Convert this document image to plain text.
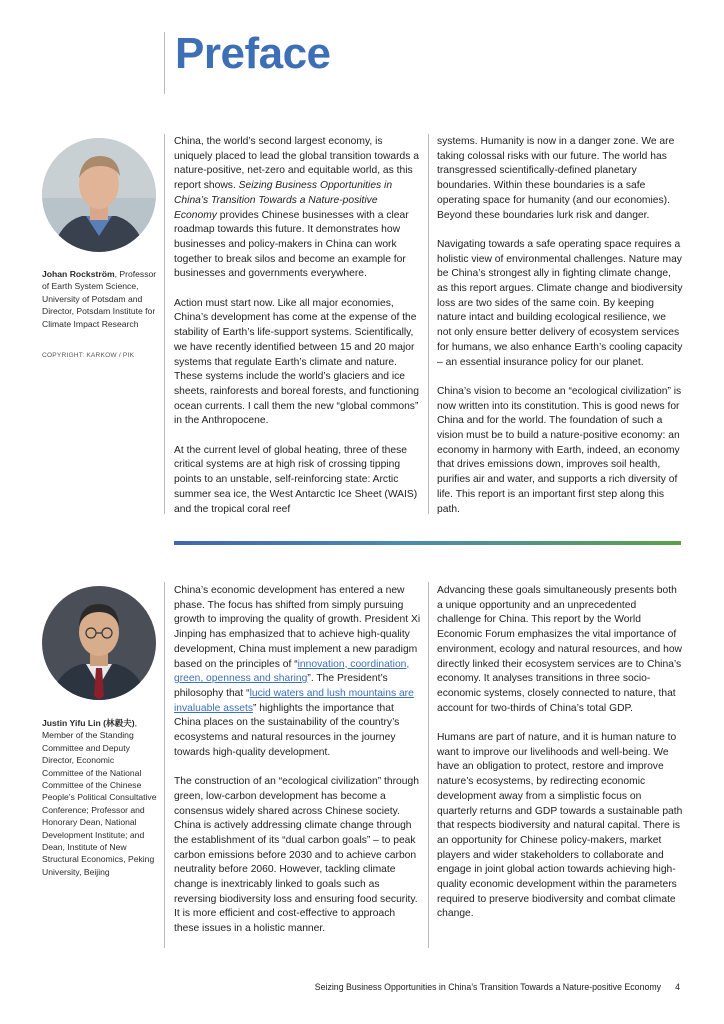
Preface
Johan Rockström, Professor of Earth System Science, University of Potsdam and Director, Potsdam Institute for Climate Impact Research
COPYRIGHT: KARKOW / PIK

China, the world’s second largest economy, is uniquely placed to lead the global transition towards a nature-positive, net-zero and equitable world, as this report shows. Seizing Business Opportunities in China’s Transition Towards a Nature-positive Economy provides Chinese businesses with a clear roadmap towards this future. It demonstrates how businesses and policy-makers in China can work together to break silos and become an example for businesses and governments everywhere.

Action must start now. Like all major economies, China’s development has come at the expense of the stability of Earth’s life-support systems. Scientifically, we have recently identified between 15 and 20 major systems that regulate Earth’s climate and nature. These systems include the world’s glaciers and ice sheets, rainforests and boreal forests, and functioning ocean currents. I call them the new “global commons” in the Anthropocene.

At the current level of global heating, three of these critical systems are at high risk of crossing tipping points to an unstable, self-reinforcing state: Arctic summer sea ice, the West Antarctic Ice Sheet (WAIS) and the tropical coral reef

systems. Humanity is now in a danger zone. We are taking colossal risks with our future. The world has transgressed scientifically-defined planetary boundaries. Within these boundaries is a safe operating space for humanity (and our economies). Beyond these boundaries lurk risk and danger.

Navigating towards a safe operating space requires a holistic view of environmental challenges. Nature may be China’s strongest ally in fighting climate change, as this report argues. Climate change and biodiversity loss are two sides of the same coin. By keeping nature intact and building ecological resilience, we not only ensure better delivery of ecosystem services for humans, we also enhance Earth’s cooling capacity – an essential insurance policy for our planet.

China’s vision to become an “ecological civilization” is now written into its constitution. This is good news for China and for the world. The foundation of such a vision must be to build a nature-positive economy: an economy in harmony with Earth, indeed, an economy that drives emissions down, improves soil health, purifies air and water, and supports a rich diversity of life. This report is an important first step along this path.

Justin Yifu Lin (林毅夫), Member of the Standing Committee and Deputy Director, Economic Committee of the National Committee of the Chinese People’s Political Consultative Conference; Professor and Honorary Dean, National Development Institute; and Dean, Institute of New Structural Economics, Peking University, Beijing

China’s economic development has entered a new phase. The focus has shifted from simply pursuing growth to improving the quality of growth. President Xi Jinping has emphasized that to achieve high-quality development, China must implement a new paradigm based on the principles of “innovation, coordination, green, openness and sharing”. The President’s philosophy that “lucid waters and lush mountains are invaluable assets” highlights the importance that China places on the sustainability of the country’s ecosystems and natural resources in the journey towards high-quality development.

The construction of an “ecological civilization” through green, low-carbon development has become a consensus widely shared across Chinese society. China is actively addressing climate change through the establishment of its “dual carbon goals” – to peak carbon emissions before 2030 and to achieve carbon neutrality before 2060. However, tackling climate change is inextricably linked to goals such as reversing biodiversity loss and ensuring food security. It is more efficient and cost-effective to approach these issues in a holistic manner.

Advancing these goals simultaneously presents both a unique opportunity and an unprecedented challenge for China. This report by the World Economic Forum emphasizes the vital importance of environment, ecology and natural resources, and how directly linked their ecosystem services are to China’s economy. It analyses transitions in three socio-economic systems, closely connected to nature, that account for two-thirds of China’s total GDP.

Humans are part of nature, and it is human nature to want to improve our livelihoods and well-being. We have an obligation to protect, restore and improve nature’s ecosystems, by redirecting economic development away from a simplistic focus on quarterly returns and GDP towards a sustainable path that respects biodiversity and natural capital. There is an opportunity for Chinese policy-makers, market players and wider stakeholders to collaborate and engage in joint global action towards achieving high-quality economic development within the parameters required to preserve biodiversity and combat climate change.

Seizing Business Opportunities in China’s Transition Towards a Nature-positive Economy 4
